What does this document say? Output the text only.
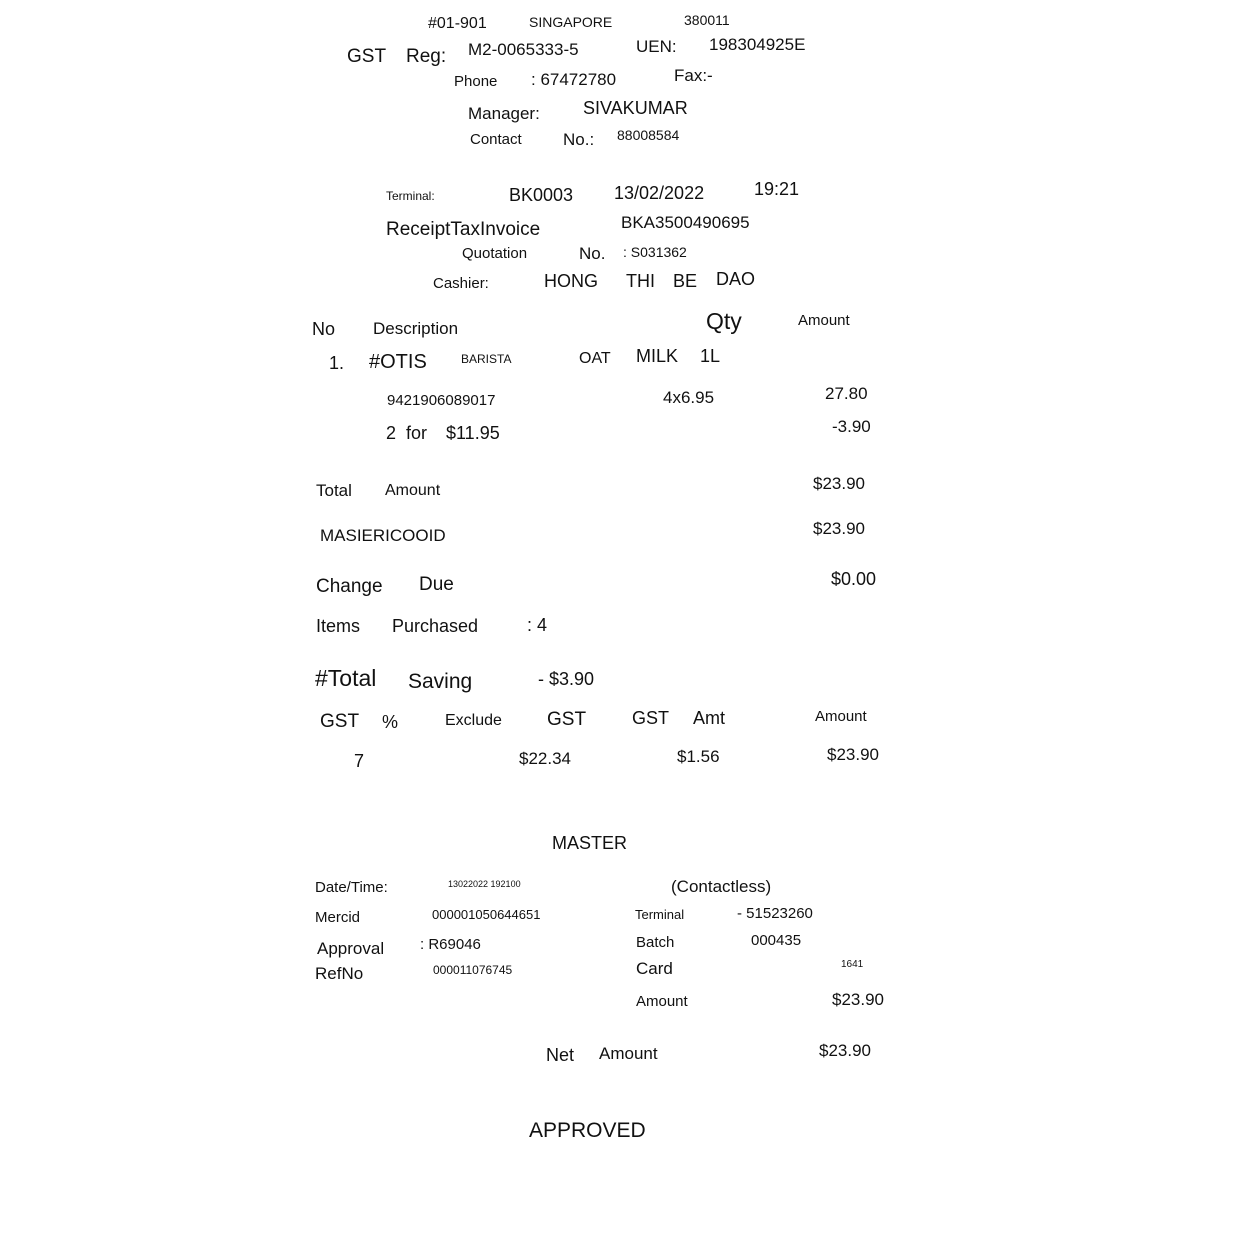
#01-901	SINGAPORE	380011
GST Reg: M2-0065333-5	UEN: 198304925E
Phone : 67472780	Fax:-
Manager: SIVAKUMAR
Contact No.: 88008584
Terminal:	BK0003 13/02/2022	19:21
ReceiptTaxInvoice	BKA3500490695
Quotation	No. : S031362
Cashier:	HONG THI BE DAO
No Description	Qty	Amount
1. #OTIS	BARISTA	OAT MILK 1L
9421906089017	4x6.95	27.80
2 for $11.95	-3.90
Total Amount	$23.90
MASIERICOOID	$23.90
Change Due	$0.00
Items Purchased	: 4
#Total Saving	- $3.90
GST %	Exclude GST	GST Amt	Amount
7	$22.34	$1.56	$23.90
MASTER
Date/Time:	13022022 192100	(Contactless)
Mercid	000001050644651	Terminal	- 51523260
Approval : R69046	Batch	000435
RefNo	000011076745	Card	1641
Amount	$23.90
Net Amount	$23.90
APPROVED
